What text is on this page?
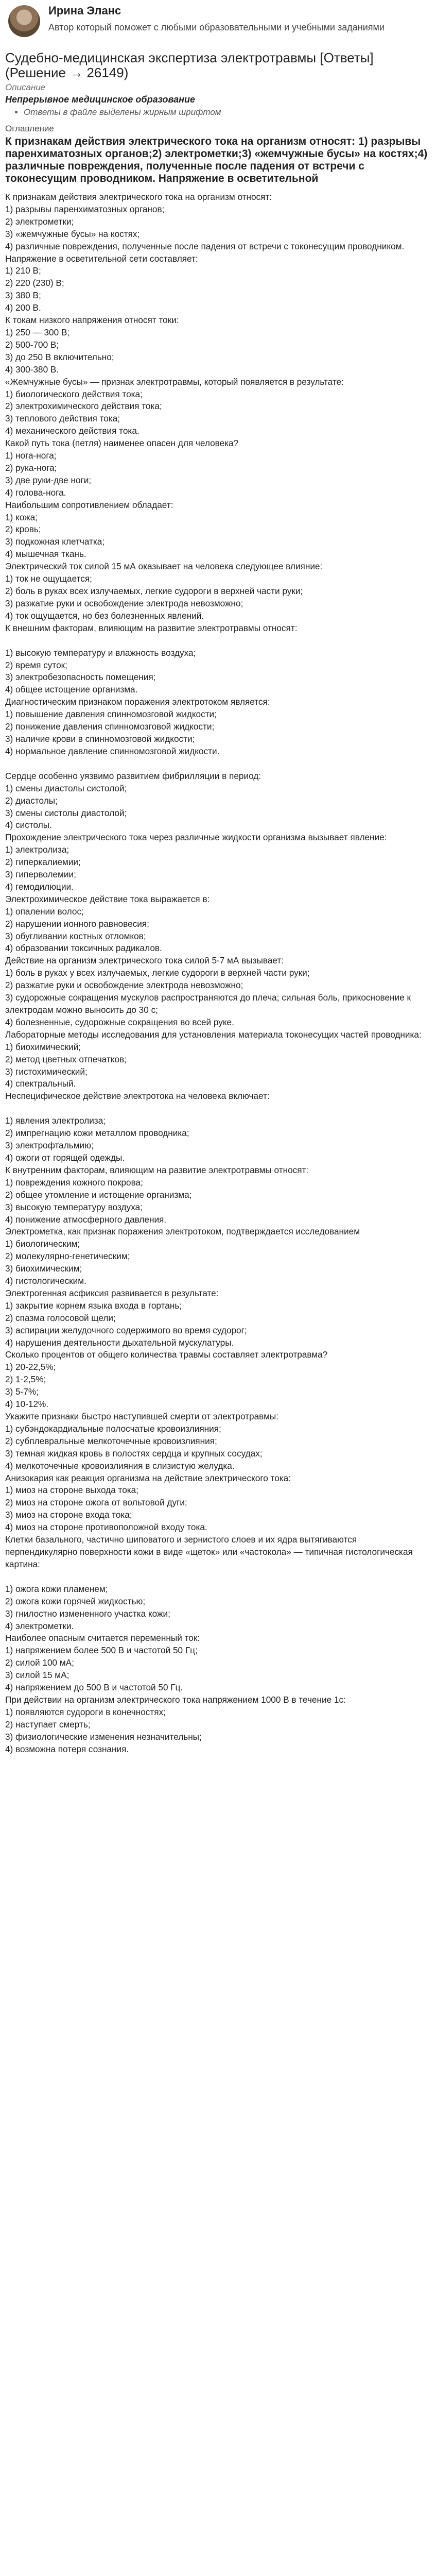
Ирина Эланс
Автор который поможет с любыми образовательными и учебными заданиями
Судебно-медицинская экспертиза электротравмы [Ответы] (Решение → 26149)
Описание
Непрерывное медицинское образование
• Ответы в файле выделены жирным шрифтом
Оглавление
К признакам действия электрического тока на организм относят: 1) разрывы паренхиматозных органов;2) электрометки;3) «жемчужные бусы» на костях;4) различные повреждения, полученные после падения от встречи с токонесущим проводником. Напряжение в осветительной

К признакам действия электрического тока на организм относят:

1) разрывы паренхиматозных органов;

2) электрометки;

3) «жемчужные бусы» на костях;

4) различные повреждения, полученные после падения от встречи с токонесущим проводником.

Напряжение в осветительной сети составляет:

1) 210 В;

2) 220 (230) В;

3) 380 В;

4) 200 В.

К токам низкого напряжения относят токи:

1) 250 — 300 В;

2) 500-700 В;

3) до 250 В включительно;

4) 300-380 В.

«Жемчужные бусы» — признак электротравмы, который появляется в результате:

1) биологического действия тока;

2) электрохимического действия тока;

3) теплового действия тока;

4) механического действия тока.

Какой путь тока (петля) наименее опасен для человека?

1) нога-нога;

2) рука-нога;

3) две руки-две ноги;

4) голова-нога.

Наибольшим сопротивлением обладает:

1) кожа;

2) кровь;

3) подкожная клетчатка;

4) мышечная ткань.

Электрический ток силой 15 мА оказывает на человека следующее влияние:

1) ток не ощущается;

2) боль в руках всех излучаемых, легкие судороги в верхней части руки;

3) разжатие руки и освобождение электрода невозможно;

4) ток ощущается, но без болезненных явлений.

К внешним факторам, влияющим на развитие электротравмы относят:

1) высокую температуру и влажность воздуха;

2) время суток;

3) электробезопасность помещения;

4) общее истощение организма.

Диагностическим признаком поражения электротоком является:

1) повышение давления спинномозговой жидкости;

2) понижение давления спинномозговой жидкости;

3) наличие крови в спинномозговой жидкости;

4) нормальное давление спинномозговой жидкости.

Сердце особенно уязвимо развитием фибрилляции в период:

1) смены диастолы систолой;

2) диастолы;

3) смены систолы диастолой;

4) систолы.

Прохождение электрического тока через различные жидкости организма вызывает явление:

1) электролиза;

2) гиперкалиемии;

3) гиперволемии;

4) гемодилюции.

Электрохимическое действие тока выражается в:

1) опалении волос;

2) нарушении ионного равновесия;

3) обугливании костных отломков;

4) образовании токсичных радикалов.

Действие на организм электрического тока силой 5-7 мА вызывает:

1) боль в руках у всех излучаемых, легкие судороги в верхней части руки;

2) разжатие руки и освобождение электрода невозможно;

3) судорожные сокращения мускулов распространяются до плеча; сильная боль, прикосновение к электродам можно выносить до 30 с;

4) болезненные, судорожные сокращения во всей руке.

Лабораторные методы исследования для установления материала токонесущих частей проводника:

1) биохимический;

2) метод цветных отпечатков;

3) гистохимический;

4) спектральный.

Неспецифическое действие электротока на человека включает:

1) явления электролиза;

2) импрегнацию кожи металлом проводника;

3) электрофтальмию;

4) ожоги от горящей одежды.

К внутренним факторам, влияющим на развитие электротравмы относят:

1) повреждения кожного покрова;

2) общее утомление и истощение организма;

3) высокую температуру воздуха;

4) понижение атмосферного давления.

Электрометка, как признак поражения электротоком, подтверждается исследованием

1) биологическим;

2) молекулярно-генетическим;

3) биохимическим;

4) гистологическим.

Электрогенная асфиксия развивается в результате:

1) закрытие корнем языка входа в гортань;

2) спазма голосовой щели;

3) аспирации желудочного содержимого во время судорог;

4) нарушения деятельности дыхательной мускулатуры.

Сколько процентов от общего количества травмы составляет электротравма?

1) 20-22,5%;

2) 1-2,5%;

3) 5-7%;

4) 10-12%.

Укажите признаки быстро наступившей смерти от электротравмы:

1) субэндокардиальные полосчатые кровоизлияния;

2) субплевральные мелкоточечные кровоизлияния;

3) темная жидкая кровь в полостях сердца и крупных сосудах;

4) мелкоточечные кровоизлияния в слизистую желудка.

Анизокария как реакция организма на действие электрического тока:

1) миоз на стороне выхода тока;

2) миоз на стороне ожога от вольтовой дуги;

3) миоз на стороне входа тока;

4) миоз на стороне противоположной входу тока.

Клетки базального, частично шиповатого и зернистого слоев и их ядра вытягиваются перпендикулярно поверхности кожи в виде «щеток» или «частокола» — типичная гистологическая картина:

1) ожога кожи пламенем;

2) ожога кожи горячей жидкостью;

3) гнилостно измененного участка кожи;

4) электрометки.

Наиболее опасным считается переменный ток:

1) напряжением более 500 В и частотой 50 Гц;

2) силой 100 мА;

3) силой 15 мА;

4) напряжением до 500 В и частотой 50 Гц.

При действии на организм электрического тока напряжением 1000 В в течение 1с:

1) появляются судороги в конечностях;

2) наступает смерть;

3) физиологические изменения незначительны;

4) возможна потеря сознания.
